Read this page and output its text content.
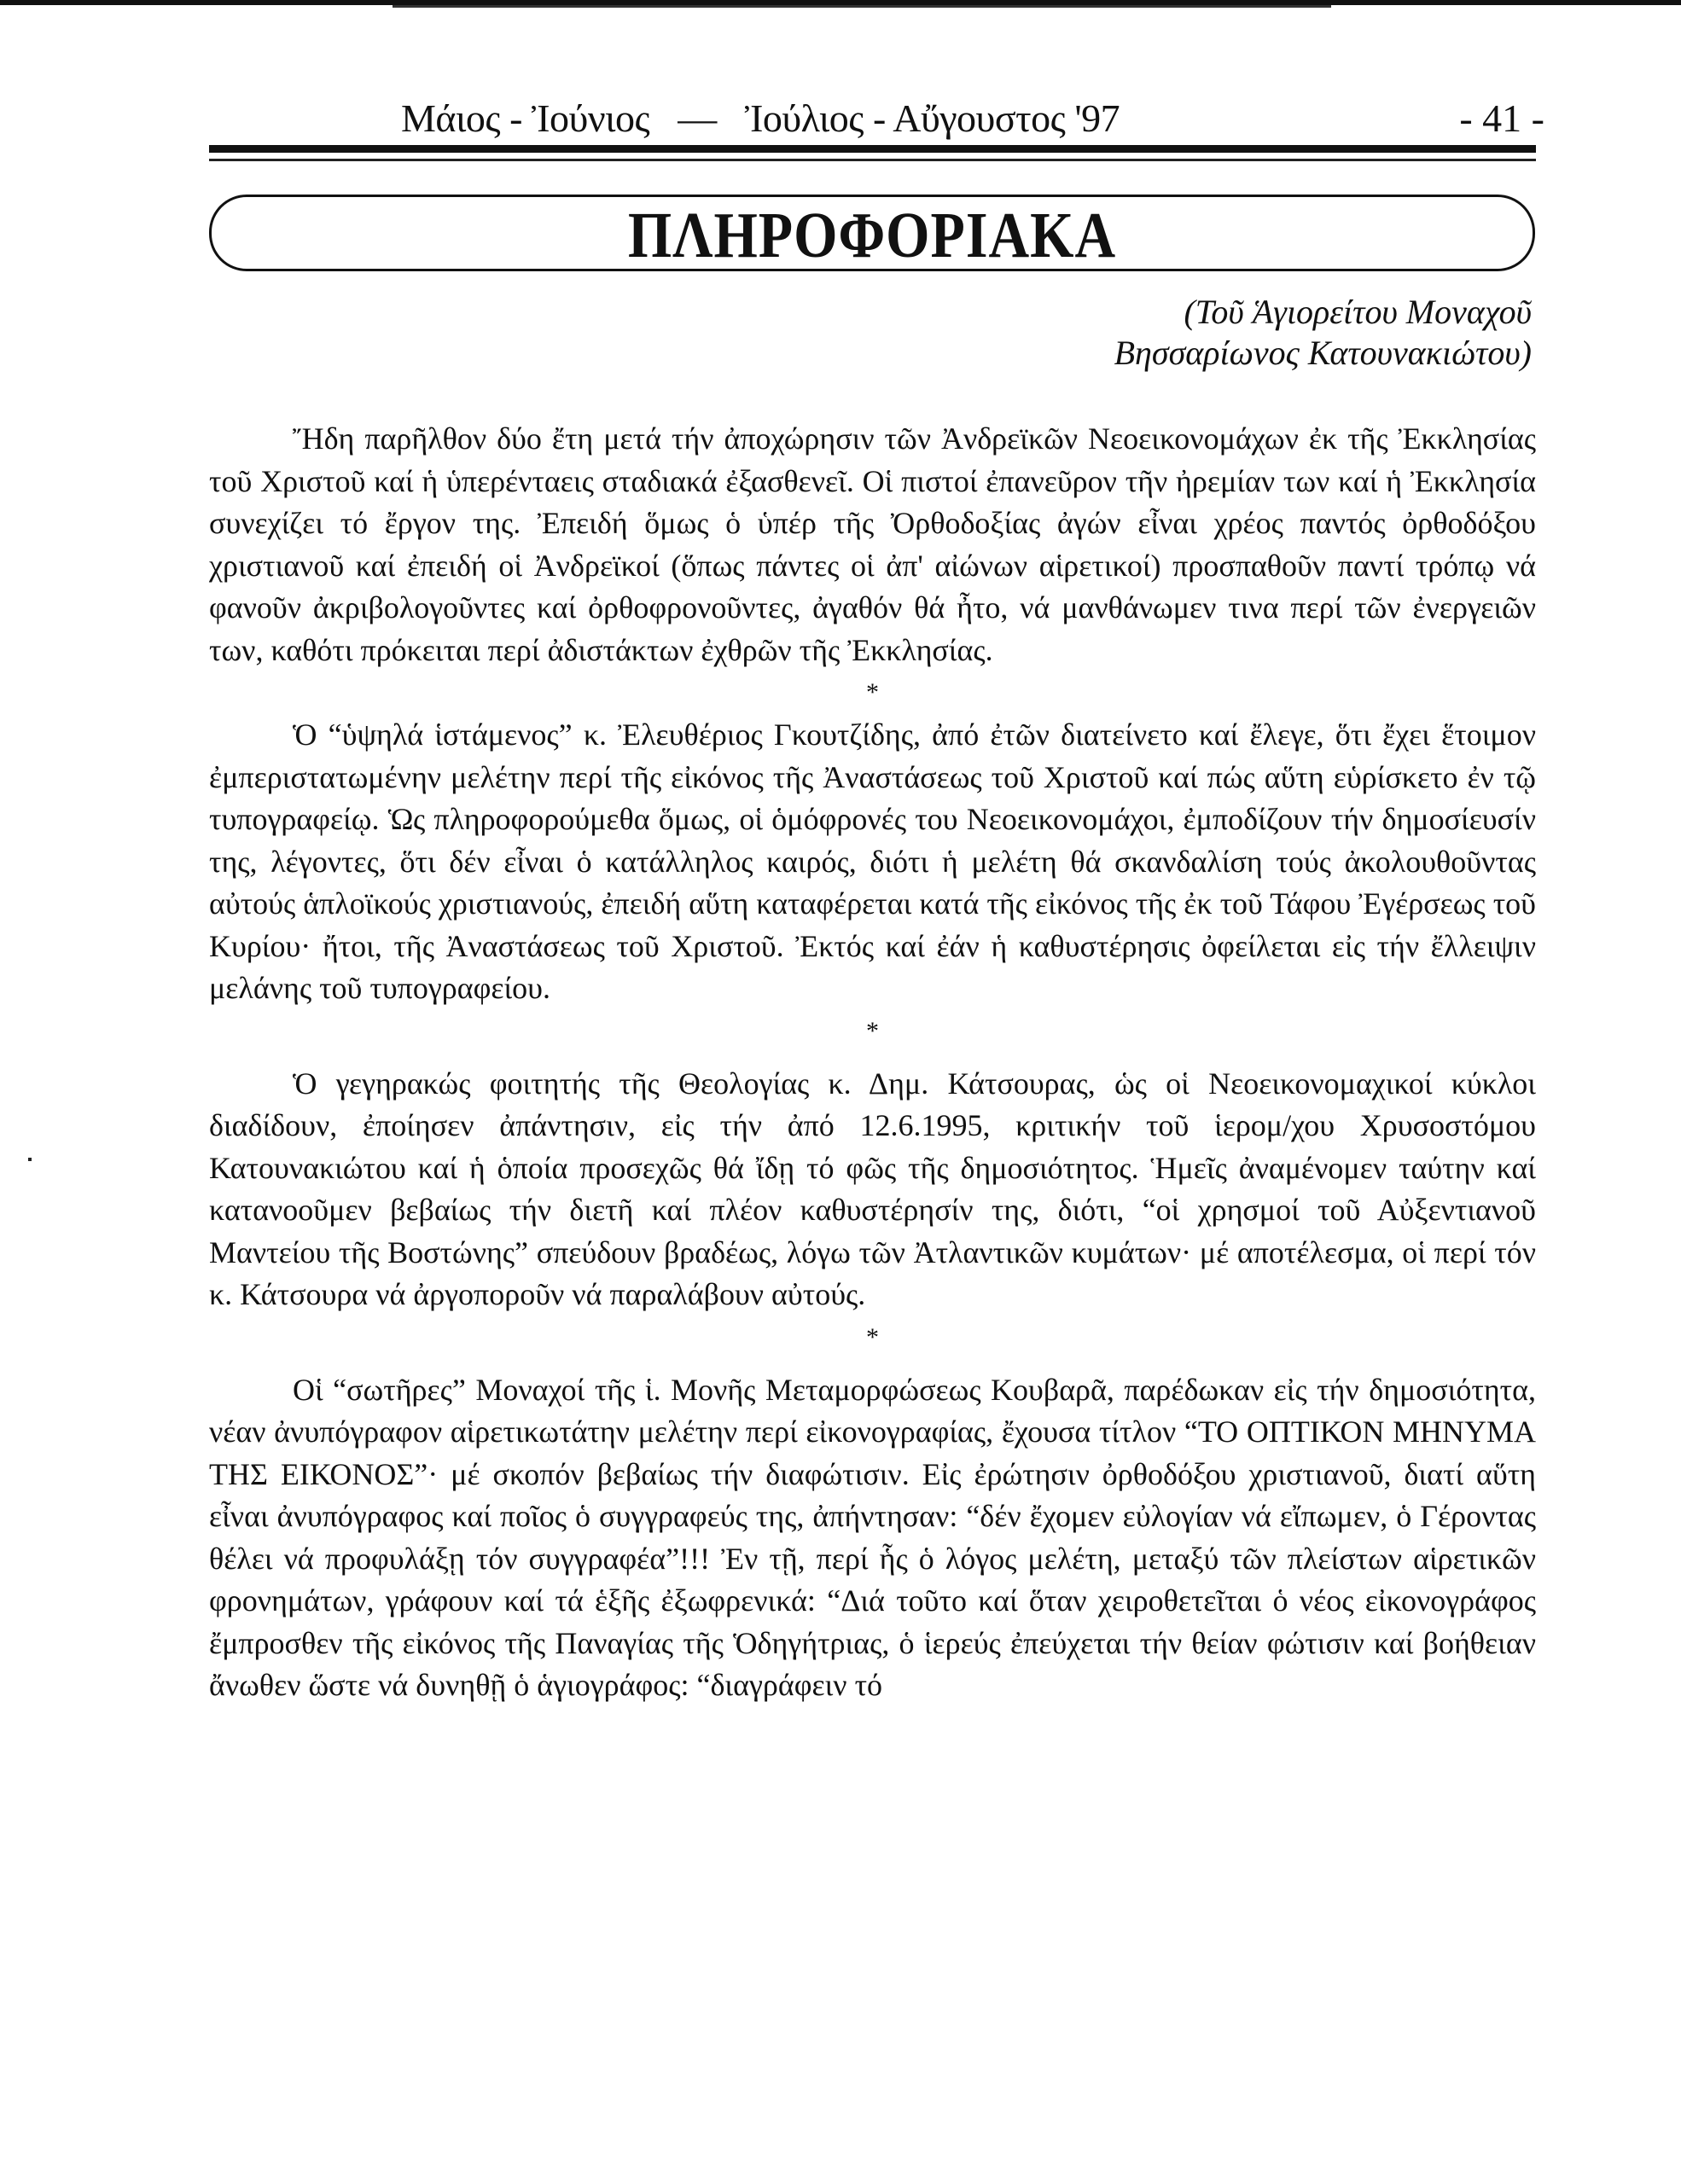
Μάιος - Ἰούνιος   —   Ἰούλιος - Αὔγουστος '97	- 41 -
ΠΛΗΡΟΦΟΡΙΑΚΑ
(Τοῦ Ἁγιορείτου Μοναχοῦ
Βησσαρίωνος Κατουνακιώτου)

Ἤδη παρῆλθον δύο ἔτη μετά τήν ἀποχώρησιν τῶν Ἀνδρεϊκῶν Νεοεικονομάχων ἐκ τῆς Ἐκκλησίας τοῦ Χριστοῦ καί ἡ ὑπερένταεις σταδιακά ἐξασθενεῖ. Οἱ πιστοί ἐπανεῦρον τῆν ἠρεμίαν των καί ἡ Ἐκκλησία συνεχίζει τό ἔργον της. Ἐπειδή ὅμως ὁ ὑπέρ τῆς Ὀρθοδοξίας ἀγών εἶναι χρέος παντός ὀρθοδόξου χριστιανοῦ καί ἐπειδή οἱ Ἀνδρεϊκοί (ὅπως πάντες οἱ ἀπ' αἰώνων αἱρετικοί) προσπαθοῦν παντί τρόπῳ νά φανοῦν ἀκριβολογοῦντες καί ὀρθοφρονοῦντες, ἀγαθόν θά ἦτο, νά μανθάνωμεν τινα περί τῶν ἐνεργειῶν των, καθότι πρόκειται περί ἀδιστάκτων ἐχθρῶν τῆς Ἐκκλησίας.

*

Ὁ “ὑψηλά ἱστάμενος” κ. Ἐλευθέριος Γκουτζίδης, ἀπό ἐτῶν διατείνετο καί ἔλεγε, ὅτι ἔχει ἕτοιμον ἐμπεριστατωμένην μελέτην περί τῆς εἰκόνος τῆς Ἀναστάσεως τοῦ Χριστοῦ καί πώς αὕτη εὑρίσκετο ἐν τῷ τυπογραφείῳ. Ὡς πληροφορούμεθα ὅμως, οἱ ὁμόφρονές του Νεοεικονομάχοι, ἐμποδίζουν τήν δημοσίευσίν της, λέγοντες, ὅτι δέν εἶναι ὁ κατάλληλος καιρός, διότι ἡ μελέτη θά σκανδαλίση τούς ἀκολουθοῦντας αὐτούς ἁπλοϊκούς χριστιανούς, ἐπειδή αὕτη καταφέρεται κατά τῆς εἰκόνος τῆς ἐκ τοῦ Τάφου Ἐγέρσεως τοῦ Κυρίου· ἤτοι, τῆς Ἀναστάσεως τοῦ Χριστοῦ. Ἐκτός καί ἐάν ἡ καθυστέρησις ὀφείλεται εἰς τήν ἔλλειψιν μελάνης τοῦ τυπογραφείου.

*

Ὁ γεγηρακώς φοιτητής τῆς Θεολογίας κ. Δημ. Κάτσουρας, ὡς οἱ Νεοεικονομαχικοί κύκλοι διαδίδουν, ἐποίησεν ἀπάντησιν, εἰς τήν ἀπό 12.6.1995, κριτικήν τοῦ ἱερομ/χου Χρυσοστόμου Κατουνακιώτου καί ἡ ὁποία προσεχῶς θά ἴδῃ τό φῶς τῆς δημοσιότητος. Ἡμεῖς ἀναμένομεν ταύτην καί κατανοοῦμεν βεβαίως τήν διετῆ καί πλέον καθυστέρησίν της, διότι, “οἱ χρησμοί τοῦ Αὐξεντιανοῦ Μαντείου τῆς Βοστώνης” σπεύδουν βραδέως, λόγω τῶν Ἀτλαντικῶν κυμάτων· μέ αποτέλεσμα, οἱ περί τόν κ. Κάτσουρα νά ἀργοποροῦν νά παραλάβουν αὐτούς.

*

Οἱ “σωτῆρες” Μοναχοί τῆς ἱ. Μονῆς Μεταμορφώσεως Κουβαρᾶ, παρέδωκαν εἰς τήν δημοσιότητα, νέαν ἀνυπόγραφον αἱρετικωτάτην μελέτην περί εἰκονογραφίας, ἔχουσα τίτλον “ΤΟ ΟΠΤΙΚΟΝ ΜΗΝΥΜΑ ΤΗΣ ΕΙΚΟΝΟΣ”· μέ σκοπόν βεβαίως τήν διαφώτισιν. Εἰς ἐρώτησιν ὀρθοδόξου χριστιανοῦ, διατί αὕτη εἶναι ἀνυπόγραφος καί ποῖος ὁ συγγραφεύς της, ἀπήντησαν: “δέν ἔχομεν εὐλογίαν νά εἴπωμεν, ὁ Γέροντας θέλει νά προφυλάξῃ τόν συγγραφέα”!!! Ἐν τῇ, περί ἧς ὁ λόγος μελέτη, μεταξύ τῶν πλείστων αἱρετικῶν φρονημάτων, γράφουν καί τά ἑξῆς ἐξωφρενικά: “Διά τοῦτο καί ὅταν χειροθετεῖται ὁ νέος εἰκονογράφος ἔμπροσθεν τῆς εἰκόνος τῆς Παναγίας τῆς Ὁδηγήτριας, ὁ ἱερεύς ἐπεύχεται τήν θείαν φώτισιν καί βοήθειαν ἄνωθεν ὥστε νά δυνηθῇ ὁ ἁγιογράφος: “διαγράφειν τό
